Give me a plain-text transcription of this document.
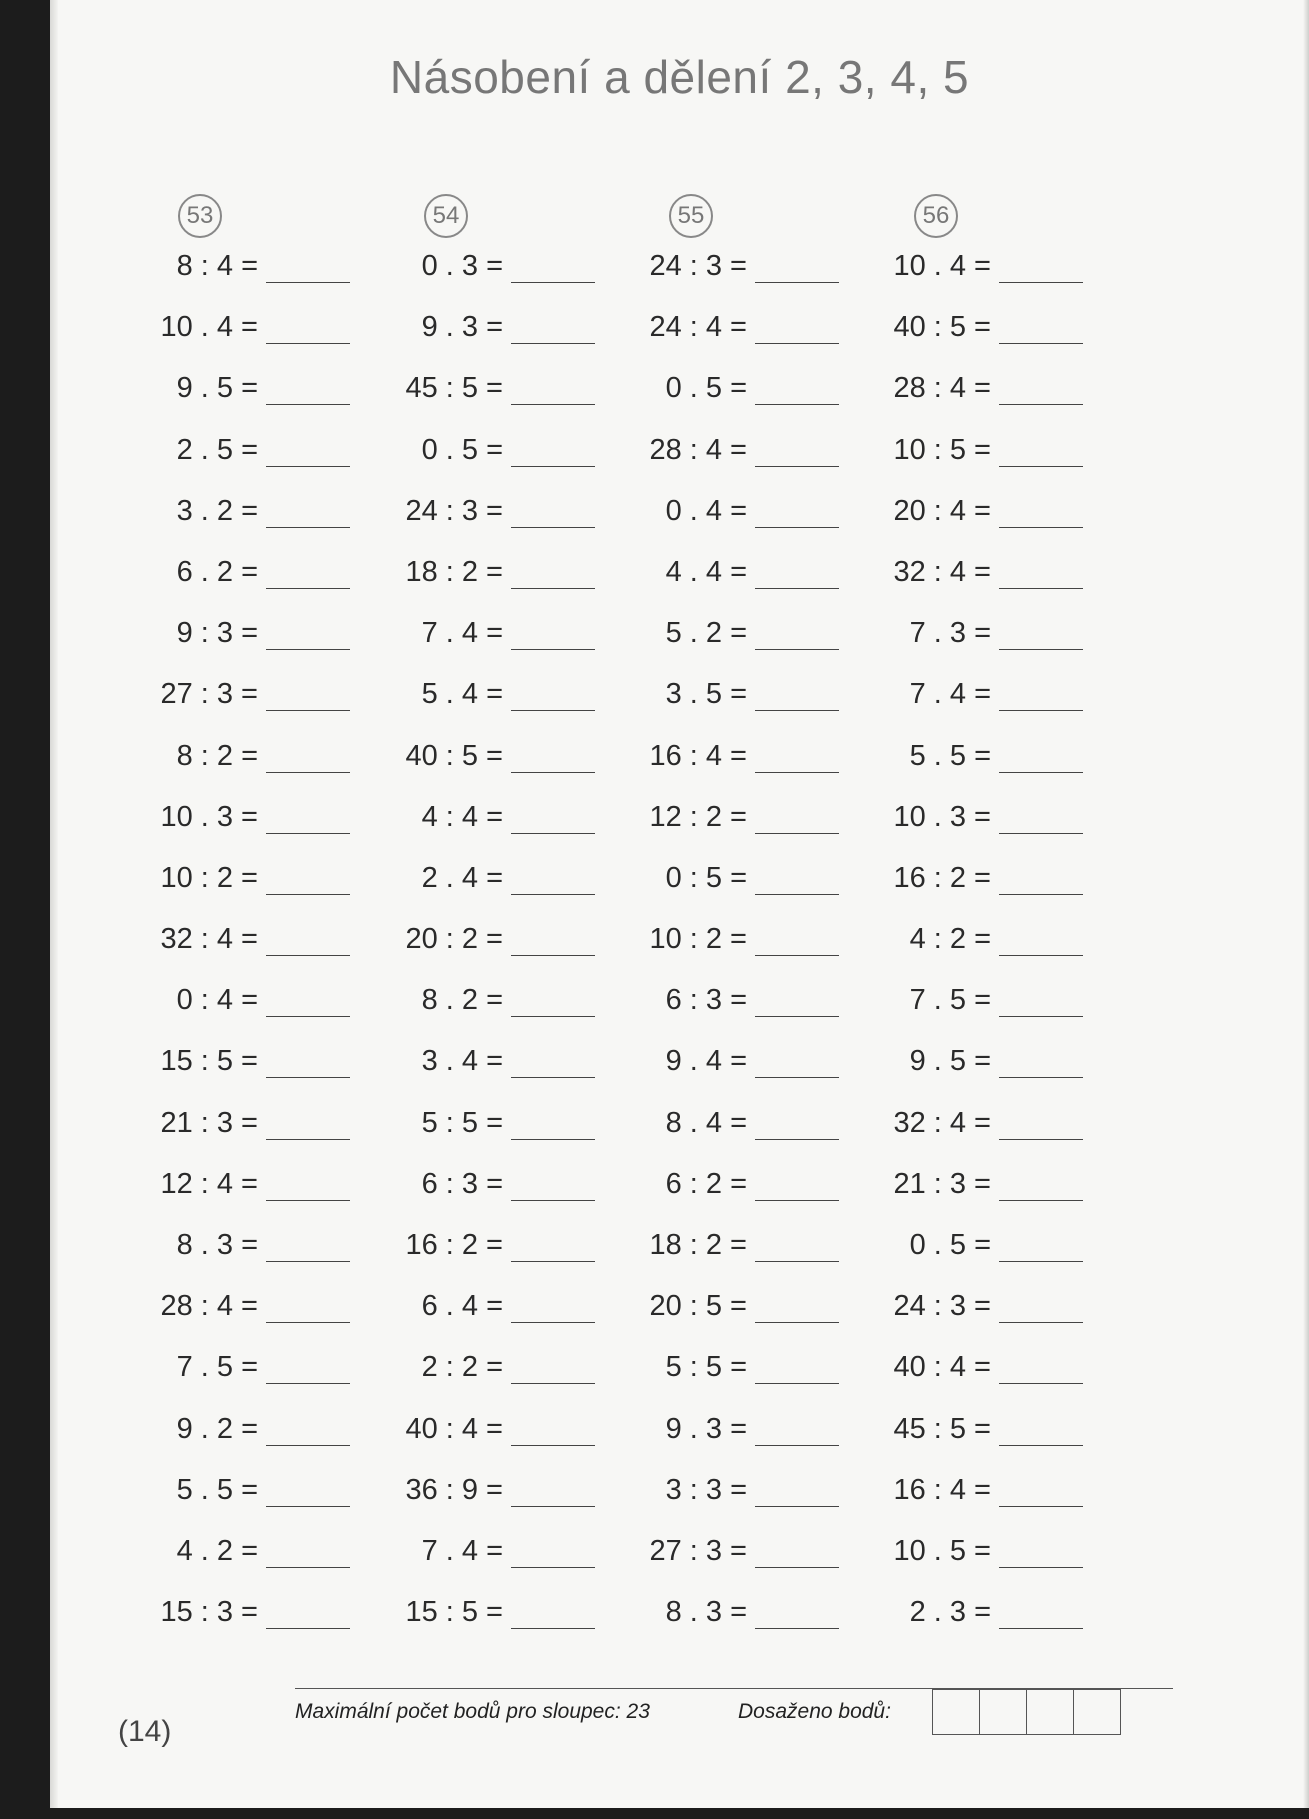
Násobení a dělení 2, 3, 4, 5
53
8 : 4 =
10 . 4 =
9 . 5 =
2 . 5 =
3 . 2 =
6 . 2 =
9 : 3 =
27 : 3 =
8 : 2 =
10 . 3 =
10 : 2 =
32 : 4 =
0 : 4 =
15 : 5 =
21 : 3 =
12 : 4 =
8 . 3 =
28 : 4 =
7 . 5 =
9 . 2 =
5 . 5 =
4 . 2 =
15 : 3 =
54
0 . 3 =
9 . 3 =
45 : 5 =
0 . 5 =
24 : 3 =
18 : 2 =
7 . 4 =
5 . 4 =
40 : 5 =
4 : 4 =
2 . 4 =
20 : 2 =
8 . 2 =
3 . 4 =
5 : 5 =
6 : 3 =
16 : 2 =
6 . 4 =
2 : 2 =
40 : 4 =
36 : 9 =
7 . 4 =
15 : 5 =
55
24 : 3 =
24 : 4 =
0 . 5 =
28 : 4 =
0 . 4 =
4 . 4 =
5 . 2 =
3 . 5 =
16 : 4 =
12 : 2 =
0 : 5 =
10 : 2 =
6 : 3 =
9 . 4 =
8 . 4 =
6 : 2 =
18 : 2 =
20 : 5 =
5 : 5 =
9 . 3 =
3 : 3 =
27 : 3 =
8 . 3 =
56
10 . 4 =
40 : 5 =
28 : 4 =
10 : 5 =
20 : 4 =
32 : 4 =
7 . 3 =
7 . 4 =
5 . 5 =
10 . 3 =
16 : 2 =
4 : 2 =
7 . 5 =
9 . 5 =
32 : 4 =
21 : 3 =
0 . 5 =
24 : 3 =
40 : 4 =
45 : 5 =
16 : 4 =
10 . 5 =
2 . 3 =
Maximální počet bodů pro sloupec: 23	Dosaženo bodů:
(14)
